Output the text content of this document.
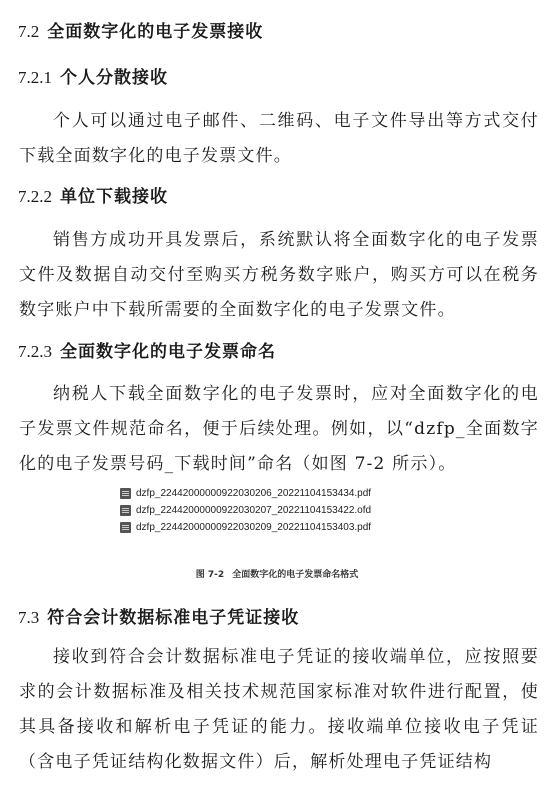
7.2 全面数字化的电子发票接收
7.2.1 个人分散接收
个人可以通过电子邮件、二维码、电子文件导出等方式交付下载全面数字化的电子发票文件。
7.2.2 单位下载接收
销售方成功开具发票后，系统默认将全面数字化的电子发票文件及数据自动交付至购买方税务数字账户，购买方可以在税务数字账户中下载所需要的全面数字化的电子发票文件。
7.2.3 全面数字化的电子发票命名
纳税人下载全面数字化的电子发票时，应对全面数字化的电子发票文件规范命名，便于后续处理。例如，以“dzfp_全面数字化的电子发票号码_下载时间”命名（如图 7-2 所示）。
dzfp_22442000000922030206_20221104153434.pdf
dzfp_22442000000922030207_20221104153422.ofd
dzfp_22442000000922030209_20221104153403.pdf
图 7-2 全面数字化的电子发票命名格式
7.3 符合会计数据标准电子凭证接收
接收到符合会计数据标准电子凭证的接收端单位，应按照要求的会计数据标准及相关技术规范国家标准对软件进行配置，使其具备接收和解析电子凭证的能力。接收端单位接收电子凭证（含电子凭证结构化数据文件）后，解析处理电子凭证结构
